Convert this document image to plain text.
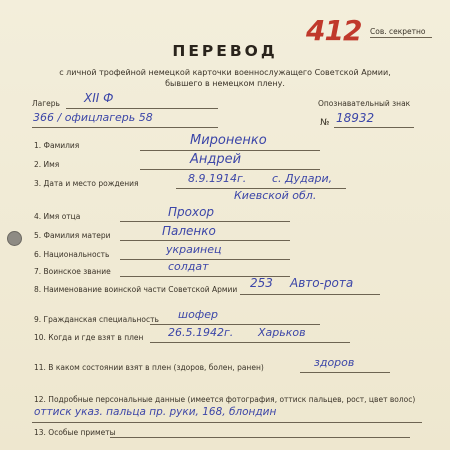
412 Сов. секретно
ПЕРЕВОД
с личной трофейной немецкой карточки военнослужащего Советской Армии,
бывшего в немецком плену.
Лагерь XII Ф
366 / офицлагерь 58
Опознавательный знак
№ 18932
1. Фамилия	Мироненко
2. Имя	Андрей
3. Дата и место рождения	8.9.1914г. с. Дудари,
Киевской обл.
4. Имя отца	Прохор
5. Фамилия матери	Паленко
6. Национальность	украинец
7. Воинское звание	солдат
8. Наименование воинской части Советской Армии 253 Авто-рота
9. Гражданская специальность шофер
10. Когда и где взят в плен 26.5.1942г. Харьков
11. В каком состоянии взят в плен (здоров, болен, ранен)	здоров
12. Подробные персональные данные (имеется фотография, оттиск пальцев, рост, цвет волос)
оттиск указ. пальца пр. руки, 168, блондин
13. Особые приметы
